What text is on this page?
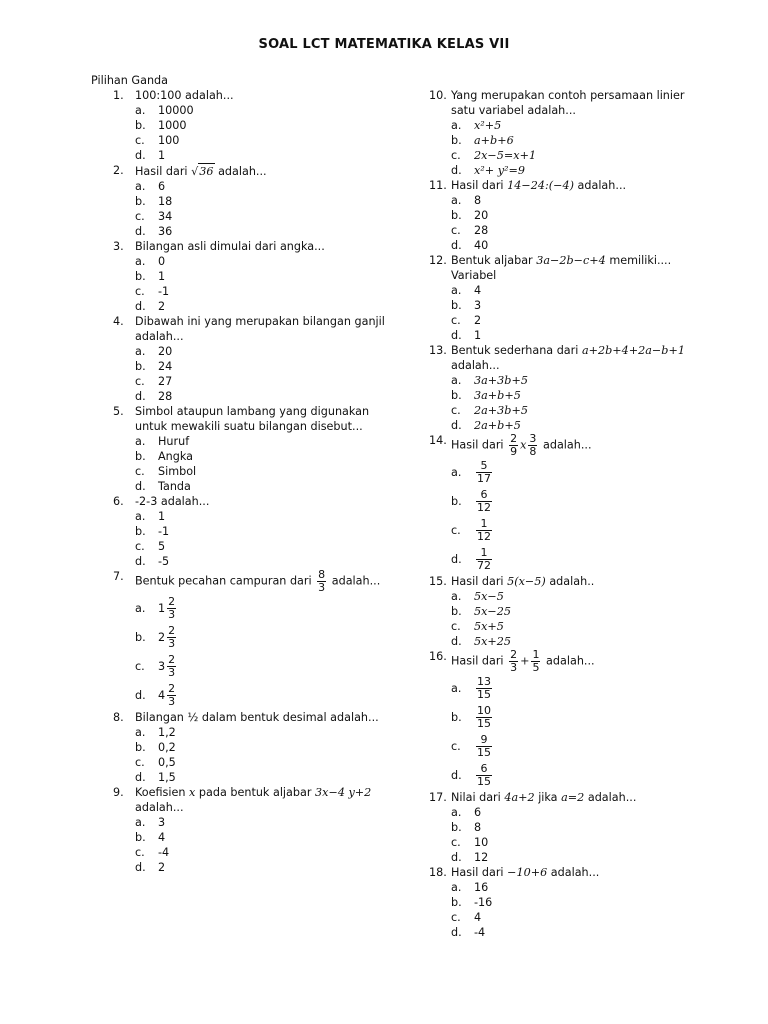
SOAL LCT MATEMATIKA KELAS VII
Pilihan Ganda
1.	100:100 adalah...
a.	10000
b.	1000
c.	100
d.	1
2.	Hasil dari √ 36 adalah...
a.	6
b.	18
c.	34
d.	36
3.	Bilangan asli dimulai dari angka...
a.	0
b.	1
c.	-1
d.	2
4.	Dibawah ini yang merupakan bilangan ganjil adalah...
a.	20
b.	24
c.	27
d.	28
5.	Simbol ataupun lambang yang digunakan untuk mewakili suatu bilangan disebut...
a.	Huruf
b.	Angka
c.	Simbol
d.	Tanda
6.	-2-3 adalah...
a.	1
b.	-1
c.	5
d.	-5
7.	Bentuk pecahan campuran dari $\frac{8}{3}$ adalah...
a.	$1 \frac{2}{3}$
b.	$2 \frac{2}{3}$
c.	$3 \frac{2}{3}$
d.	$4 \frac{2}{3}$
8.	Bilangan ½ dalam bentuk desimal adalah...
a.	1,2
b.	0,2
c.	0,5
d.	1,5
9.	Koefisien x pada bentuk aljabar 3x−4 y+2 adalah...
a.	3
b.	4
c.	-4
d.	2
10. Yang merupakan contoh persamaan linier satu variabel adalah...
a.	x²+5
b.	a+b+6
c.	2x−5=x+1
d.	x²+ y²=9
11. Hasil dari 14−24:(−4) adalah...
a.	8
b.	20
c.	28
d.	40
12. Bentuk aljabar 3a−2b−c+4 memiliki.... Variabel
a.	4
b.	3
c.	2
d.	1
13. Bentuk sederhana dari a+2b+4+2a−b+1 adalah...
a.	3a+3b+5
b.	3a+b+5
c.	2a+3b+5
d.	2a+b+5
14. Hasil dari $\frac{2}{9}$ x $\frac{3}{8}$ adalah...
a.	$\frac{5}{17}$
b.	$\frac{6}{12}$
c.	$\frac{1}{12}$
d.	$\frac{1}{72}$
15. Hasil dari 5(x−5) adalah..
a.	5x−5
b.	5x−25
c.	5x+5
d.	5x+25
16. Hasil dari $\frac{2}{3} + \frac{1}{5}$ adalah...
a.	$\frac{13}{15}$
b.	$\frac{10}{15}$
c.	$\frac{9}{15}$
d.	$\frac{6}{15}$
17. Nilai dari 4a+2 jika a=2 adalah...
a.	6
b.	8
c.	10
d.	12
18. Hasil dari −10+6 adalah...
a.	16
b.	-16
c.	4
d.	-4
